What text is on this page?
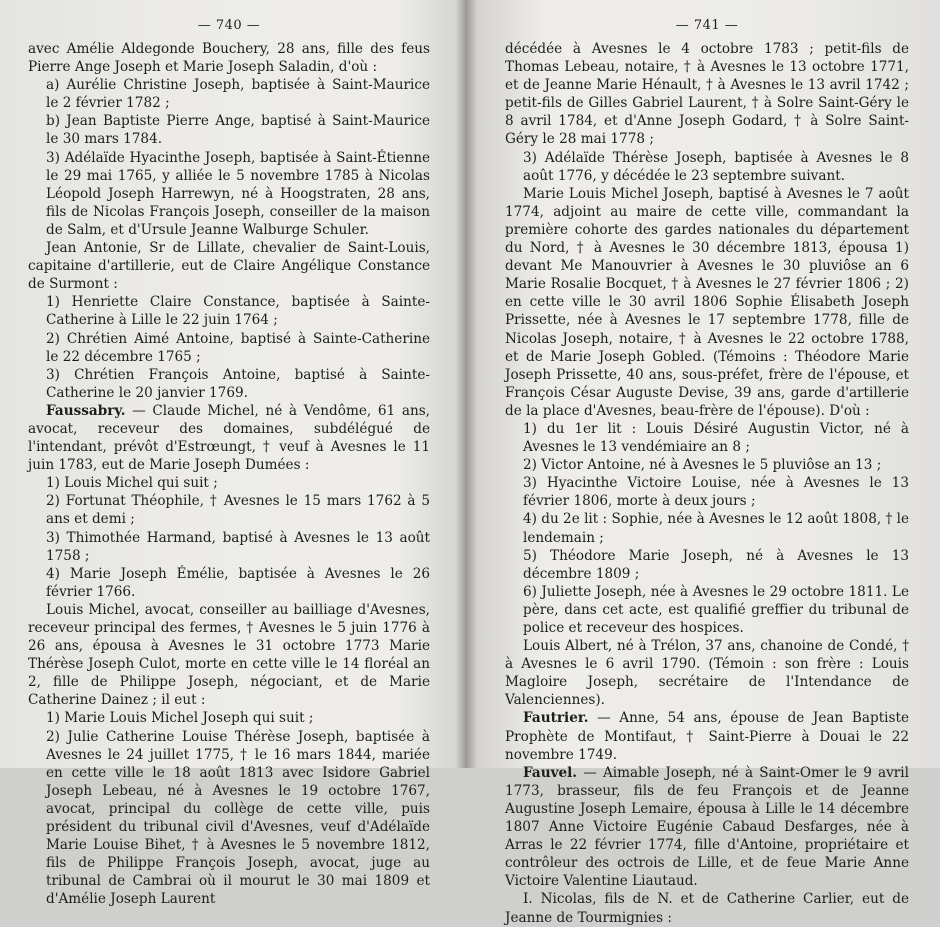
— 740 —

avec Amélie Aldegonde Bouchery, 28 ans, fille des feus Pierre Ange Joseph et Marie Joseph Saladin, d'où :

a) Aurélie Christine Joseph, baptisée à Saint-Maurice le 2 février 1782 ;

b) Jean Baptiste Pierre Ange, baptisé à Saint-Maurice le 30 mars 1784.

3) Adélaïde Hyacinthe Joseph, baptisée à Saint-Étienne le 29 mai 1765, y alliée le 5 novembre 1785 à Nicolas Léopold Joseph Harrewyn, né à Hoogstraten, 28 ans, fils de Nicolas François Joseph, conseiller de la maison de Salm, et d'Ursule Jeanne Walburge Schuler.

Jean Antonie, Sr de Lillate, chevalier de Saint-Louis, capitaine d'artillerie, eut de Claire Angélique Constance de Surmont :

1) Henriette Claire Constance, baptisée à Sainte-Catherine à Lille le 22 juin 1764 ;

2) Chrétien Aimé Antoine, baptisé à Sainte-Catherine le 22 décembre 1765 ;

3) Chrétien François Antoine, baptisé à Sainte-Catherine le 20 janvier 1769.

Faussabry. — Claude Michel, né à Vendôme, 61 ans, avocat, receveur des domaines, subdélégué de l'intendant, prévôt d'Estrœungt, † veuf à Avesnes le 11 juin 1783, eut de Marie Joseph Dumées :

1) Louis Michel qui suit ;

2) Fortunat Théophile, † Avesnes le 15 mars 1762 à 5 ans et demi ;

3) Thimothée Harmand, baptisé à Avesnes le 13 août 1758 ;

4) Marie Joseph Émélie, baptisée à Avesnes le 26 février 1766.

Louis Michel, avocat, conseiller au bailliage d'Avesnes, receveur principal des fermes, † Avesnes le 5 juin 1776 à 26 ans, épousa à Avesnes le 31 octobre 1773 Marie Thérèse Joseph Culot, morte en cette ville le 14 floréal an 2, fille de Philippe Joseph, négociant, et de Marie Catherine Dainez ; il eut :

1) Marie Louis Michel Joseph qui suit ;

2) Julie Catherine Louise Thérèse Joseph, baptisée à Avesnes le 24 juillet 1775, † le 16 mars 1844, mariée en cette ville le 18 août 1813 avec Isidore Gabriel Joseph Lebeau, né à Avesnes le 19 octobre 1767, avocat, principal du collège de cette ville, puis président du tribunal civil d'Avesnes, veuf d'Adélaïde Marie Louise Bihet, † à Avesnes le 5 novembre 1812, fils de Philippe François Joseph, avocat, juge au tribunal de Cambrai où il mourut le 30 mai 1809 et d'Amélie Joseph Laurent

— 741 —

décédée à Avesnes le 4 octobre 1783 ; petit-fils de Thomas Lebeau, notaire, † à Avesnes le 13 octobre 1771, et de Jeanne Marie Hénault, † à Avesnes le 13 avril 1742 ; petit-fils de Gilles Gabriel Laurent, † à Solre Saint-Géry le 8 avril 1784, et d'Anne Joseph Godard, † à Solre Saint-Géry le 28 mai 1778 ;

3) Adélaïde Thérèse Joseph, baptisée à Avesnes le 8 août 1776, y décédée le 23 septembre suivant.

Marie Louis Michel Joseph, baptisé à Avesnes le 7 août 1774, adjoint au maire de cette ville, commandant la première cohorte des gardes nationales du département du Nord, † à Avesnes le 30 décembre 1813, épousa 1) devant Me Manouvrier à Avesnes le 30 pluviôse an 6 Marie Rosalie Bocquet, † à Avesnes le 27 février 1806 ; 2) en cette ville le 30 avril 1806 Sophie Élisabeth Joseph Prissette, née à Avesnes le 17 septembre 1778, fille de Nicolas Joseph, notaire, † à Avesnes le 22 octobre 1788, et de Marie Joseph Gobled. (Témoins : Théodore Marie Joseph Prissette, 40 ans, sous-préfet, frère de l'épouse, et François César Auguste Devise, 39 ans, garde d'artillerie de la place d'Avesnes, beau-frère de l'épouse). D'où :

1) du 1er lit : Louis Désiré Augustin Victor, né à Avesnes le 13 vendémiaire an 8 ;

2) Victor Antoine, né à Avesnes le 5 pluviôse an 13 ;

3) Hyacinthe Victoire Louise, née à Avesnes le 13 février 1806, morte à deux jours ;

4) du 2e lit : Sophie, née à Avesnes le 12 août 1808, † le lendemain ;

5) Théodore Marie Joseph, né à Avesnes le 13 décembre 1809 ;

6) Juliette Joseph, née à Avesnes le 29 octobre 1811. Le père, dans cet acte, est qualifié greffier du tribunal de police et receveur des hospices.

Louis Albert, né à Trélon, 37 ans, chanoine de Condé, † à Avesnes le 6 avril 1790. (Témoin : son frère : Louis Magloire Joseph, secrétaire de l'Intendance de Valenciennes).

Fautrier. — Anne, 54 ans, épouse de Jean Baptiste Prophète de Montifaut, † Saint-Pierre à Douai le 22 novembre 1749.

Fauvel. — Aimable Joseph, né à Saint-Omer le 9 avril 1773, brasseur, fils de feu François et de Jeanne Augustine Joseph Lemaire, épousa à Lille le 14 décembre 1807 Anne Victoire Eugénie Cabaud Desfarges, née à Arras le 22 février 1774, fille d'Antoine, propriétaire et contrôleur des octrois de Lille, et de feue Marie Anne Victoire Valentine Liautaud.

I. Nicolas, fils de N. et de Catherine Carlier, eut de Jeanne de Tourmignies :
